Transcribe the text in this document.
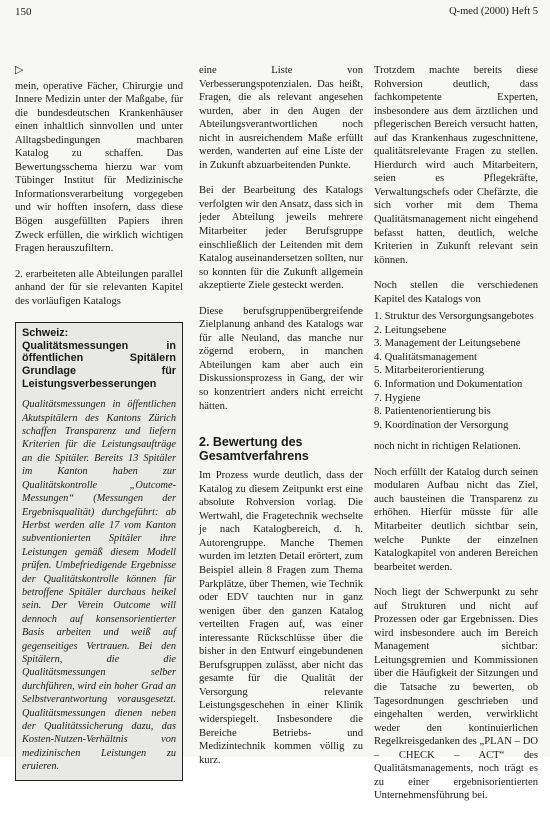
150	Q-med (2000) Heft 5
▷

mein, operative Fächer, Chirurgie und Innere Medizin unter der Maßgabe, für die bundesdeutschen Krankenhäuser einen inhaltlich sinnvollen und unter Alltagsbedingungen machbaren Katalog zu schaffen. Das Bewertungsschema hierzu war vom Tübinger Institut für Medizinische Informationsverarbeitung vorgegeben und wir hofften insofern, dass diese Bögen ausgefüllten Papiers ihren Zweck erfüllen, die wirklich wichtigen Fragen herauszufiltern.

2. erarbeiteten alle Abteilungen parallel anhand der für sie relevanten Kapitel des vorläufigen Katalogs

Schweiz: Qualitätsmessungen in öffentlichen Spitälern Grundlage für Leistungsverbesserungen
Qualitätsmessungen in öffentlichen Akutspitälern des Kantons Zürich schaffen Transparenz und liefern Kriterien für die Leistungsaufträge an die Spitäler. Bereits 13 Spitäler im Kanton haben zur Qualitätskontrolle „Outcome-Messungen“ (Messungen der Ergebnisqualität) durchgeführt: ab Herbst werden alle 17 vom Kanton subventionierten Spitäler ihre Leistungen gemäß diesem Modell prüfen. Umbefriedigende Ergebnisse der Qualitätskontrolle können für betroffene Spitäler durchaus heikel sein. Der Verein Outcome will dennoch auf konsensorientierter Basis arbeiten und weiß auf gegenseitiges Vertrauen. Bei den Spitälern, die die Qualitätsmessungen selber durchführen, wird ein hoher Grad an Selbstverantwortung vorausgesetzt. Qualitätsmessungen dienen neben der Qualitätssicherung dazu, das Kosten-Nutzen-Verhältnis von medizinischen Leistungen zu eruieren.

eine Liste von Verbesserungspotenzialen. Das heißt, Fragen, die als relevant angesehen wurden, aber in den Augen der Abteilungsverantwortlichen noch nicht in ausreichendem Maße erfüllt werden, wanderten auf eine Liste der in Zukunft abzuarbeitenden Punkte.

Bei der Bearbeitung des Katalogs verfolgten wir den Ansatz, dass sich in jeder Abteilung jeweils mehrere Mitarbeiter jeder Berufsgruppe einschließlich der Leitenden mit dem Katalog auseinandersetzen sollten, nur so konnten für die Zukunft allgemein akzeptierte Ziele gesteckt werden.

Diese berufsgruppenübergreifende Zielplanung anhand des Katalogs war für alle Neuland, das manche nur zögernd erobern, in manchen Abteilungen kam aber auch ein Diskussionsprozess in Gang, der wir so konzentriert anders nicht erreicht hätten.

2. Bewertung des Gesamtverfahrens

Im Prozess wurde deutlich, dass der Katalog zu diesem Zeitpunkt erst eine absolute Rohversion vorlag. Die Wertwahl, die Fragetechnik wechselte je nach Katalogbereich, d. h. Autorengruppe. Manche Themen wurden im letzten Detail erörtert, zum Beispiel allein 8 Fragen zum Thema Parkplätze, über Themen, wie Technik oder EDV tauchten nur in ganz wenigen über den ganzen Katalog verteilten Fragen auf, was einer interessante Rückschlüsse über die bisher in den Entwurf eingebundenen Berufsgruppen zulässt, aber nicht das gesamte für die Qualität der Versorgung relevante Leistungsgeschehen in einer Klinik widerspiegelt. Insbesondere die Bereiche Betriebs- und Medizintechnik kommen völlig zu kurz.

Trotzdem machte bereits diese Rohversion deutlich, dass fachkompetente Experten, insbesondere aus dem ärztlichen und pflegerischen Bereich versucht hatten, auf das Krankenhaus zugeschnittene, qualitätsrelevante Fragen zu stellen. Hierdurch wird auch Mitarbeitern, seien es Pflegekräfte, Verwaltungschefs oder Chefärzte, die sich vorher mit dem Thema Qualitätsmanagement nicht eingehend befasst hatten, deutlich, welche Kriterien in Zukunft relevant sein können.

Noch stellen die verschiedenen Kapitel des Katalogs von
1. Struktur des Versorgungsangebotes
2. Leitungsebene
3. Management der Leitungsebene
4. Qualitätsmanagement
5. Mitarbeiterorientierung
6. Information und Dokumentation
7. Hygiene
8. Patientenorientierung bis
9. Koordination der Versorgung

noch nicht in richtigen Relationen.

Noch erfüllt der Katalog durch seinen modularen Aufbau nicht das Ziel, auch bausteinen die Transparenz zu erhöhen. Hierfür müsste für alle Mitarbeiter deutlich sichtbar sein, welche Punkte der einzelnen Katalogkapitel von anderen Bereichen bearbeitet werden.

Noch liegt der Schwerpunkt zu sehr auf Strukturen und nicht auf Prozessen oder gar Ergebnissen. Dies wird insbesondere auch im Bereich Management sichtbar: Leitungsgremien und Kommissionen über die Häufigkeit der Sitzungen und die Tatsache zu bewerten, ob Tagesordnungen geschrieben und eingehalten werden, verwirklicht weder den kontinuierlichen Regelkreisgedanken des „PLAN – DO – CHECK – ACT“ des Qualitätsmanagements, noch trägt es zu einer ergebnisorientierten Unternehmensführung bei.
